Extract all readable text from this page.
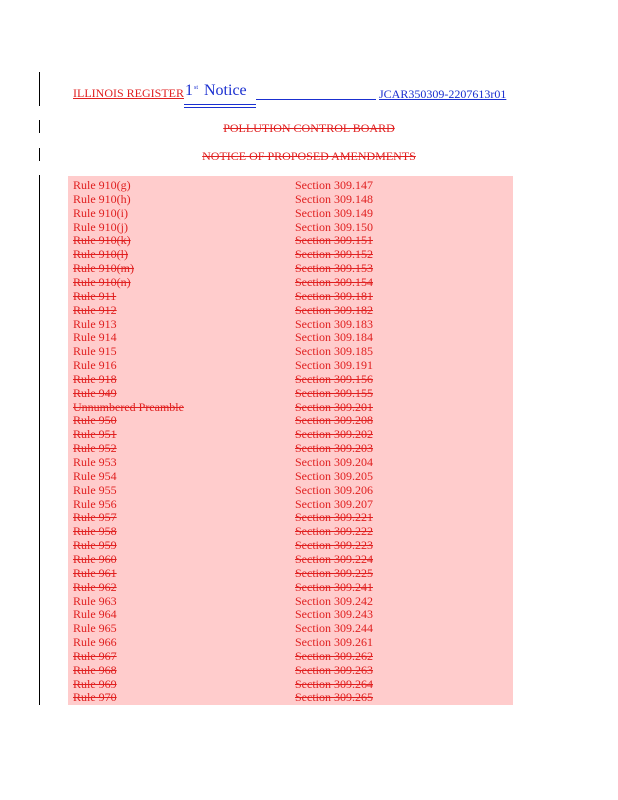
ILLINOIS REGISTER 1 st Notice	JCAR350309-2207613r01
POLLUTION CONTROL BOARD
NOTICE OF PROPOSED AMENDMENTS
Rule 910(g)	Section 309.147
Rule 910(h)	Section 309.148
Rule 910(i)	Section 309.149
Rule 910(j)	Section 309.150
Rule 910(k)	Section 309.151
Rule 910(l)	Section 309.152
Rule 910(m)	Section 309.153
Rule 910(n)	Section 309.154
Rule 911	Section 309.181
Rule 912	Section 309.182
Rule 913	Section 309.183
Rule 914	Section 309.184
Rule 915	Section 309.185
Rule 916	Section 309.191
Rule 918	Section 309.156
Rule 949	Section 309.155
Unnumbered Preamble	Section 309.201
Rule 950	Section 309.208
Rule 951	Section 309.202
Rule 952	Section 309.203
Rule 953	Section 309.204
Rule 954	Section 309.205
Rule 955	Section 309.206
Rule 956	Section 309.207
Rule 957	Section 309.221
Rule 958	Section 309.222
Rule 959	Section 309.223
Rule 960	Section 309.224
Rule 961	Section 309.225
Rule 962	Section 309.241
Rule 963	Section 309.242
Rule 964	Section 309.243
Rule 965	Section 309.244
Rule 966	Section 309.261
Rule 967	Section 309.262
Rule 968	Section 309.263
Rule 969	Section 309.264
Rule 970	Section 309.265
